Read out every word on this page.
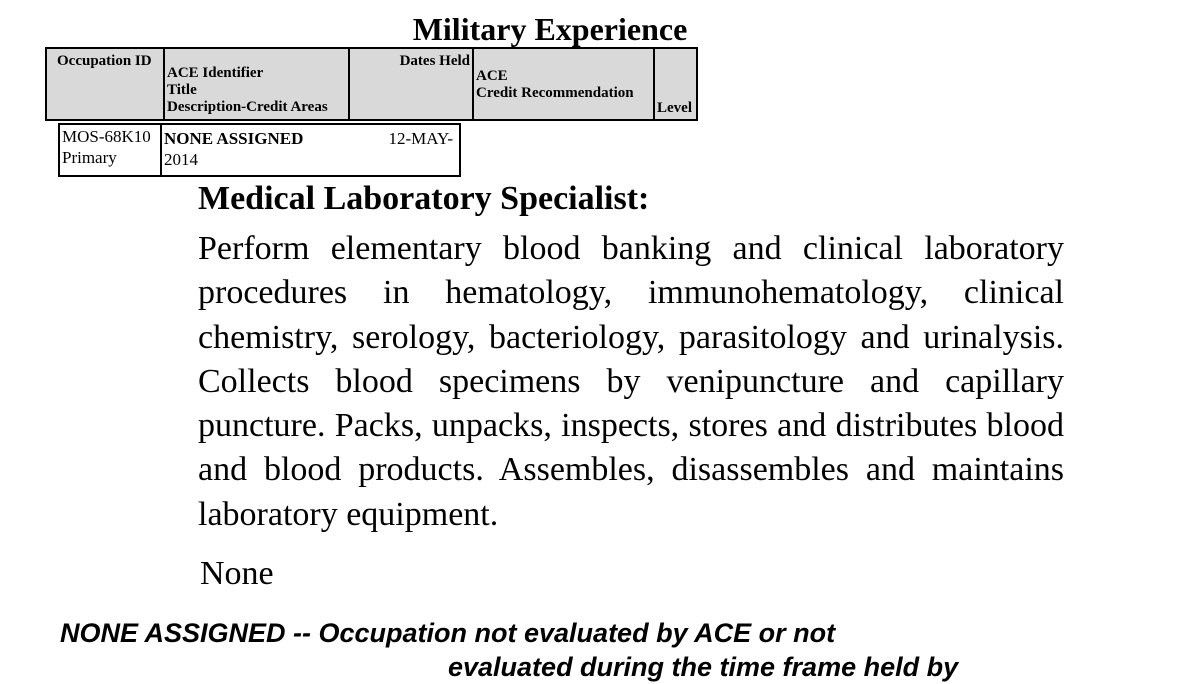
Military Experience
Occupation ID
ACE Identifier
Title
Description-Credit Areas
Dates Held
ACE
Credit Recommendation
Level
MOS-68K10
Primary
NONE ASSIGNED	12-MAY-

2014
Medical Laboratory Specialist:
Perform elementary blood banking and clinical laboratory procedures in hematology, immunohematology, clinical chemistry, serology, bacteriology, parasitology and urinalysis. Collects blood specimens by venipuncture and capillary puncture. Packs, unpacks, inspects, stores and distributes blood and blood products. Assembles, disassembles and maintains laboratory equipment.
None
NONE ASSIGNED -- Occupation not evaluated by ACE or not
evaluated during the time frame held by
